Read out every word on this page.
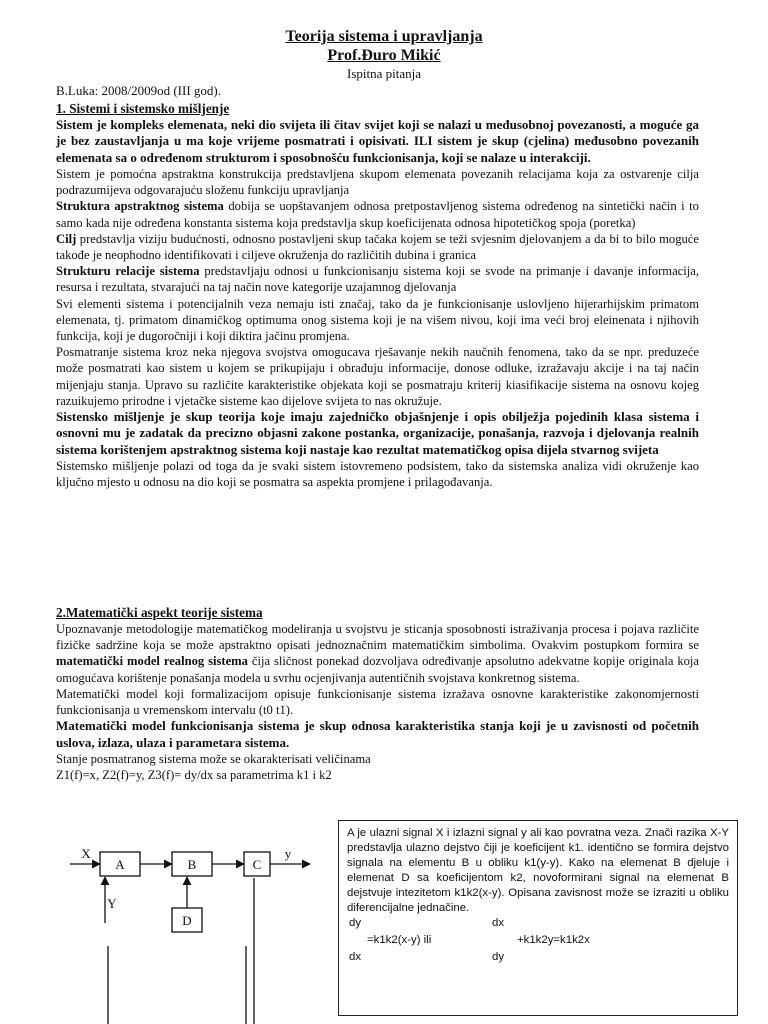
Teorija sistema i upravljanja
Prof.Đuro Mikić
Ispitna pitanja
B.Luka: 2008/2009od (III god).
1. Sistemi i sistemsko mišljenje

Sistem je kompleks elemenata, neki dio svijeta ili čitav svijet koji se nalazi u međusobnoj povezanosti, a moguće ga je bez zaustavljanja u ma koje vrijeme posmatrati i opisivati. ILI sistem je skup (cjelina) međusobno povezanih elemenata sa o određenom strukturom i sposobnošću funkcionisanja, koji se nalaze u interakciji.

Sistem je pomoćna apstraktna konstrukcija predstavljena skupom elemenata povezanih relacijama koja za ostvarenje cilja podrazumijeva odgovarajuću složenu funkciju upravljanja

Struktura apstraktnog sistema dobija se uopštavanjem odnosa pretpostavljenog sistema određenog na sintetički način i to samo kada nije određena konstanta sistema koja predstavlja skup koeficijenata odnosa hipotetičkog spoja (poretka)

Cilj predstavlja viziju budućnosti, odnosno postavljeni skup tačaka kojem se teži svjesnim djelovanjem a da bi to bilo moguće takođe je neophodno identifikovati i ciljeve okruženja do različitih dubina i granica

Strukturu relacije sistema predstavljaju odnosi u funkcionisanju sistema koji se svode na primanje i davanje informacija, resursa i rezultata, stvarajući na taj način nove kategorije uzajamnog djelovanja

Svi elementi sistema i potencijalnih veza nemaju isti značaj, tako da je funkcionisanje uslovljeno hijerarhijskim primatom elemenata, tj. primatom dinamičkog optimuma onog sistema koji je na višem nivou, koji ima veći broj eleinenata i njihovih funkcija, koji je dugoročniji i koji diktira jačinu promjena.

Posmatranje sistema kroz neka njegova svojstva omogucava rješavanje nekih naučnih fenomena, tako da se npr. preduzeće može posmatrati kao sistem u kojem se prikupijaju i obrađuju informacije, donose odluke, izražavaju akcije i na taj način mijenjaju stanja. Upravo su različite karakteristike objekata koji se posmatraju kriterij kiasifikacije sistema na osnovu kojeg razuikujemo prirodne i vjetačke sisteme kao dijelove svijeta to nas okružuje.

Sistensko mišljenje je skup teorija koje imaju zajedničko objašnjenje i opis obilježja pojedinih klasa sistema i osnovni mu je zadatak da precizno objasni zakone postanka, organizacije, ponašanja, razvoja i djelovanja realnih sistema korištenjem apstraktnog sistema koji nastaje kao rezultat matematičkog opisa dijela stvarnog svijeta

Sistemsko mišljenje polazi od toga da je svaki sistem istovremeno podsistem, tako da sistemska analiza vidi okruženje kao ključno mjesto u odnosu na dio koji se posmatra sa aspekta promjene i prilagođavanja.

2.Matematički aspekt teorije sistema

Upoznavanje metodologije matematičkog modeliranja u svojstvu je sticanja sposobnosti istraživanja procesa i pojava različite fizičke sadržine koja se može apstraktno opisati jednoznačnim matematičkim simbolima. Ovakvim postupkom formira se matematički model realnog sistema čija sličnost ponekad dozvoljava određivanje apsolutno adekvatne kopije originala koja omogućava korištenje ponašanja modela u svrhu ocjenjivanja autentičnih svojstava konkretnog sistema.

Matematički model koji formalizacijom opisuje funkcionisanje sistema izražava osnovne karakteristike zakonomjernosti funkcionisanja u vremenskom intervalu (t0 t1).

Matematički model funkcionisanja sistema je skup odnosa karakteristika stanja koji je u zavisnosti od početnih uslova, izlaza, ulaza i parametara sistema.

Stanje posmatranog sistema može se okarakterisati veličinama

Z1(f)=x, Z2(f)=y, Z3(f)= dy/dx sa parametrima k1 i k2

X
A	B	C
D
y
Y
A je ulazni signal X i izlazni signal y ali kao povratna veza. Znači razika X-Y predstavlja ulazno dejstvo čiji je koeficijent k1. identično se formira dejstvo signala na elementu B u obliku k1(y-y). Kako na elemenat B djeluje i elemenat D sa koeficijentom k2, novoformirani signal na elemenat B dejstvuje intezitetom k1k2(x-y). Opisana zavisnost može se izraziti u obliku diferencijalne jednačine.
dy
=k1k2(x-y) ili
dx
dx
+k1k2y=k1k2x
dy
